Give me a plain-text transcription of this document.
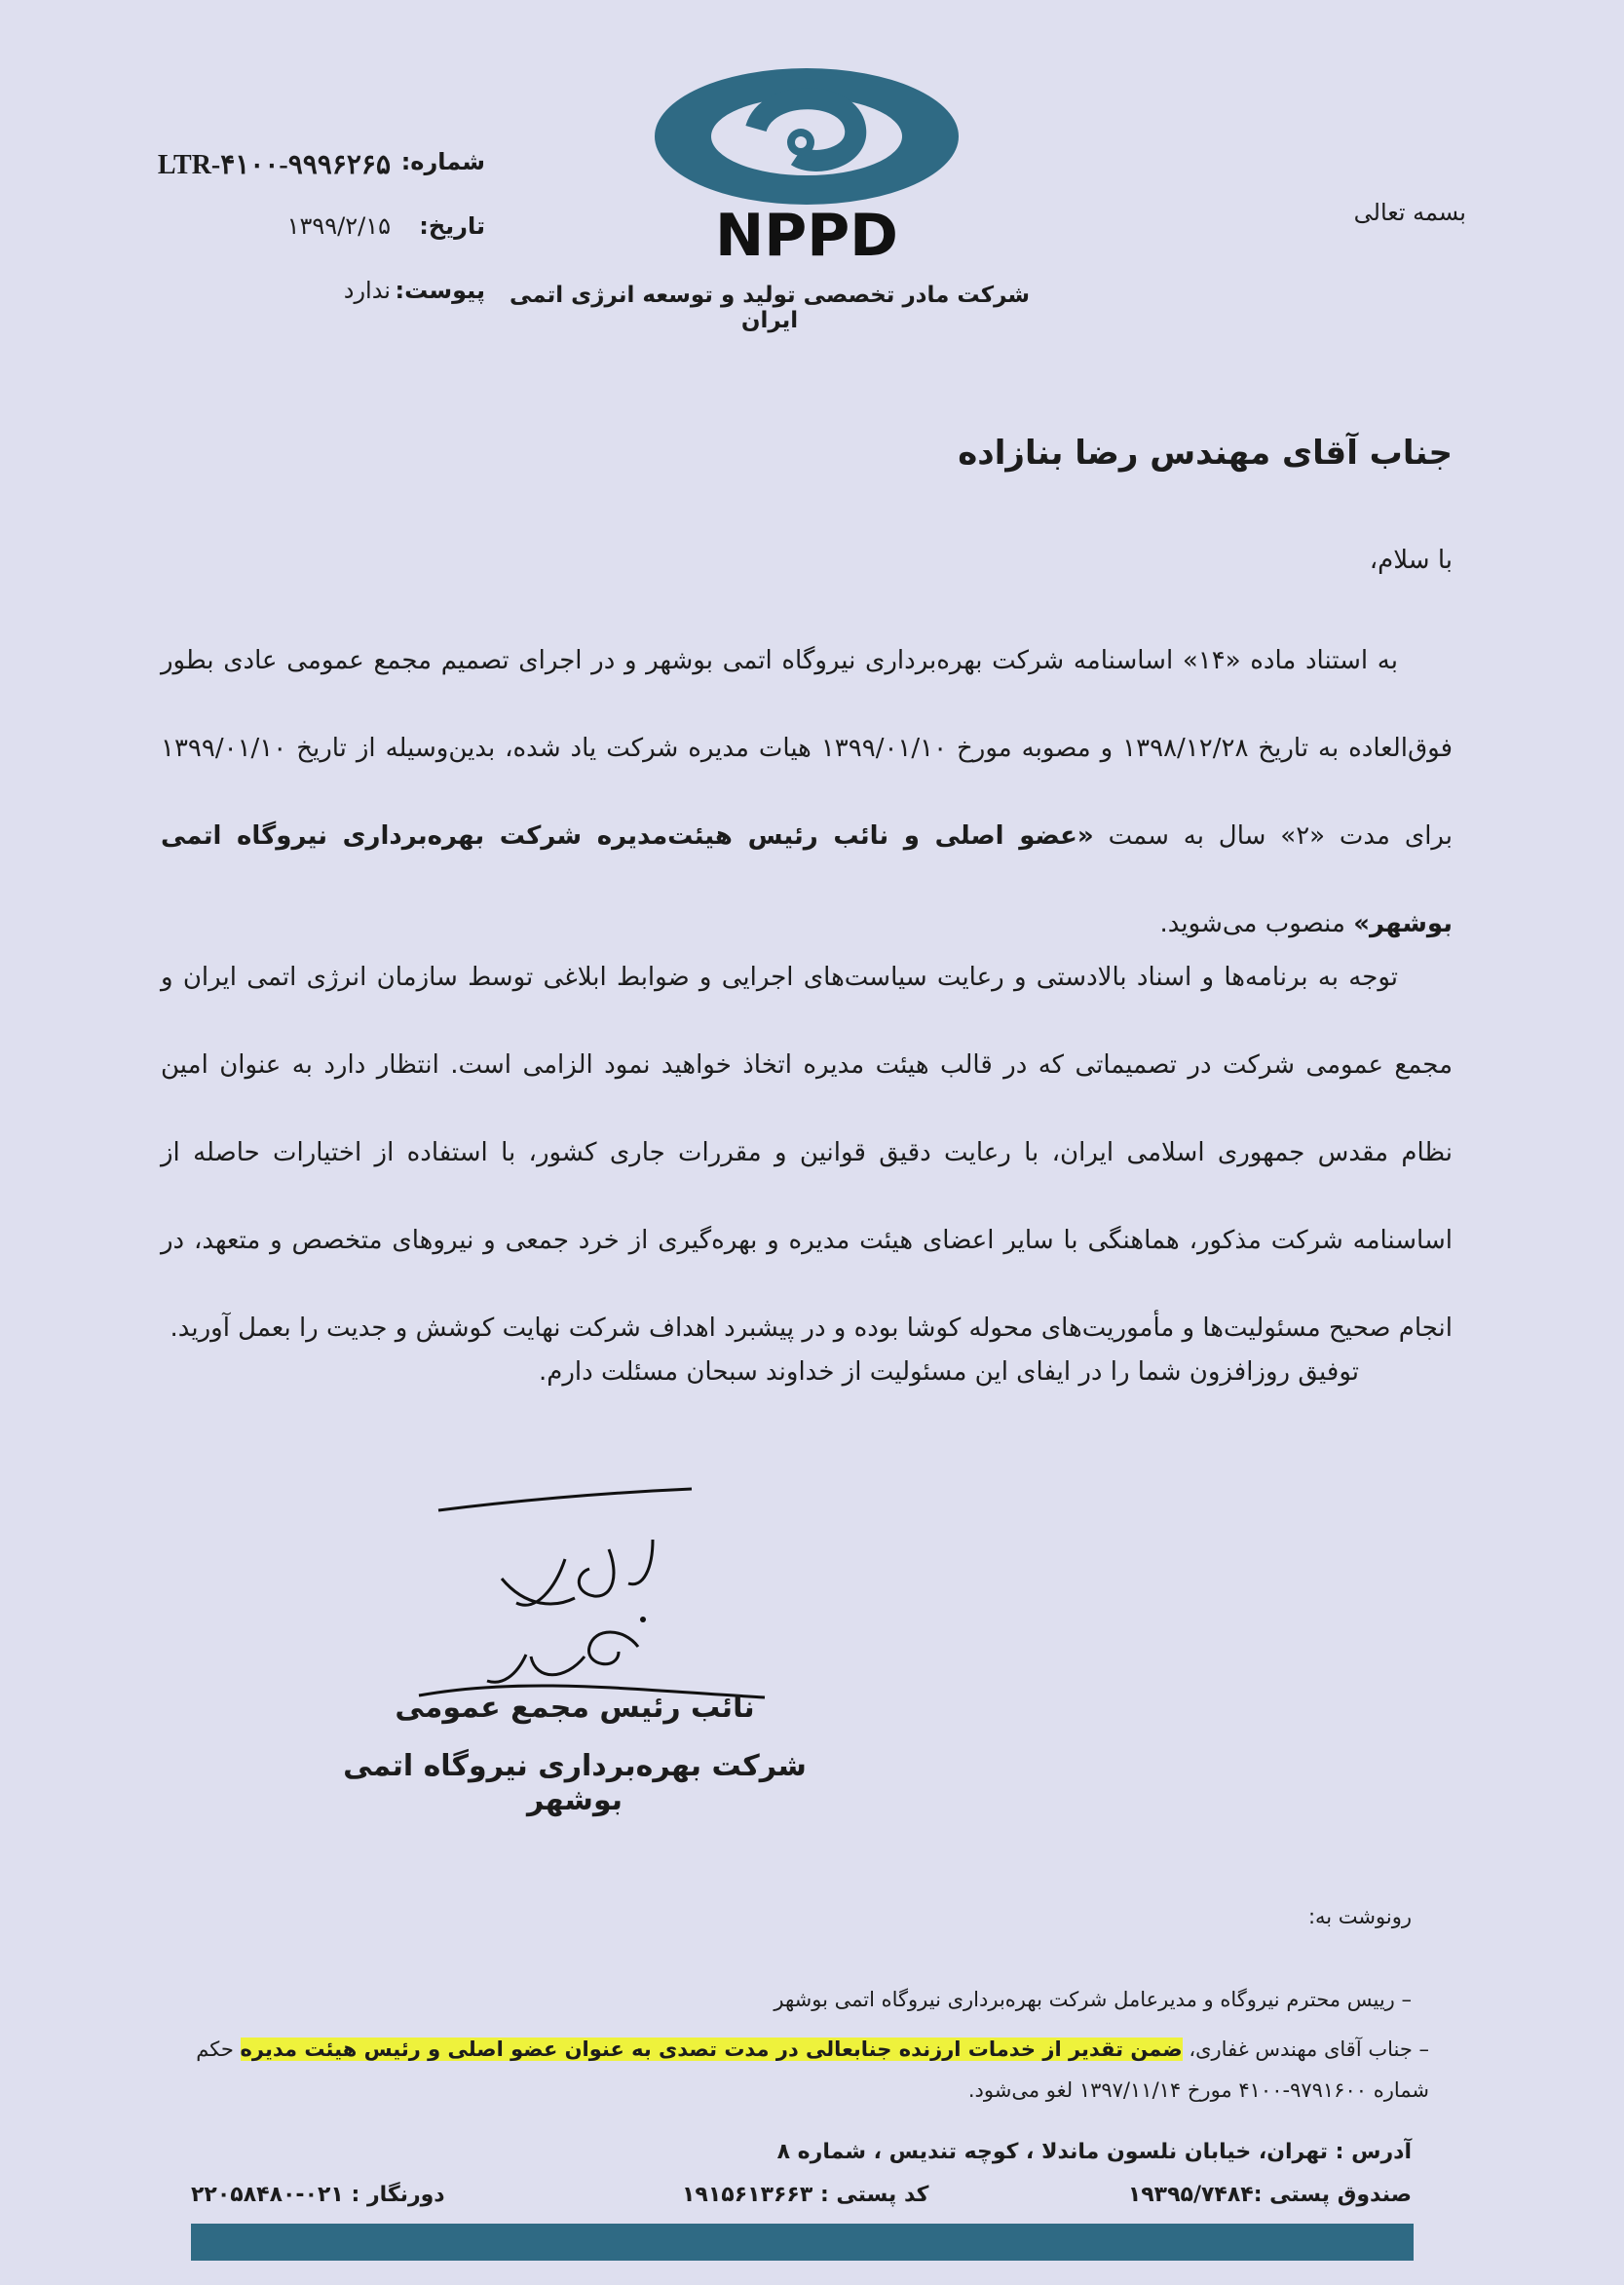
NPPD
شرکت مادر تخصصی تولید و توسعه انرژی اتمی ایران
بسمه تعالی
شماره:
LTR-۴۱۰۰-۹۹۹۶۲۶۵
تاریخ:
۱۳۹۹/۲/۱۵
پیوست:
ندارد
جناب آقای مهندس رضا بنازاده
با سلام،
به استناد ماده «۱۴» اساسنامه شرکت بهره‌برداری نیروگاه اتمی بوشهر و در اجرای تصمیم مجمع عمومی عادی بطور فوق‌العاده به تاریخ ۱۳۹۸/۱۲/۲۸ و مصوبه مورخ ۱۳۹۹/۰۱/۱۰ هیات مدیره شرکت یاد شده، بدین‌وسیله از تاریخ ۱۳۹۹/۰۱/۱۰ برای مدت «۲» سال به سمت «عضو اصلی و نائب رئیس هیئت‌مدیره شرکت بهره‌برداری نیروگاه اتمی بوشهر» منصوب می‌شوید.
توجه به برنامه‌ها و اسناد بالادستی و رعایت سیاست‌های اجرایی و ضوابط ابلاغی توسط سازمان انرژی اتمی ایران و مجمع عمومی شرکت در تصمیماتی که در قالب هیئت مدیره اتخاذ خواهید نمود الزامی است. انتظار دارد به عنوان امین نظام مقدس جمهوری اسلامی ایران، با رعایت دقیق قوانین و مقررات جاری کشور، با استفاده از اختیارات حاصله از اساسنامه شرکت مذکور، هماهنگی با سایر اعضای هیئت مدیره و بهره‌گیری از خرد جمعی و نیروهای متخصص و متعهد، در انجام صحیح مسئولیت‌ها و مأموریت‌های محوله کوشا بوده و در پیشبرد اهداف شرکت نهایت کوشش و جدیت را بعمل آورید.
توفیق روزافزون شما را در ایفای این مسئولیت از خداوند سبحان مسئلت دارم.
نائب رئیس مجمع عمومی
شرکت بهره‌برداری نیروگاه اتمی بوشهر
رونوشت به:
– رییس محترم نیروگاه و مدیرعامل شرکت بهره‌برداری نیروگاه اتمی بوشهر
– جناب آقای مهندس غفاری، ضمن تقدیر از خدمات ارزنده جنابعالی در مدت تصدی به عنوان عضو اصلی و رئیس هیئت مدیره حکم شماره ۹۷۹۱۶۰۰-۴۱۰۰ مورخ ۱۳۹۷/۱۱/۱۴ لغو می‌شود.
آدرس : تهران، خیابان نلسون ماندلا ، کوچه تندیس ، شماره ۸
صندوق پستی :۱۹۳۹۵/۷۴۸۴
کد پستی : ۱۹۱۵۶۱۳۶۶۳
دورنگار : ۰۲۱-۲۲۰۵۸۴۸۰
